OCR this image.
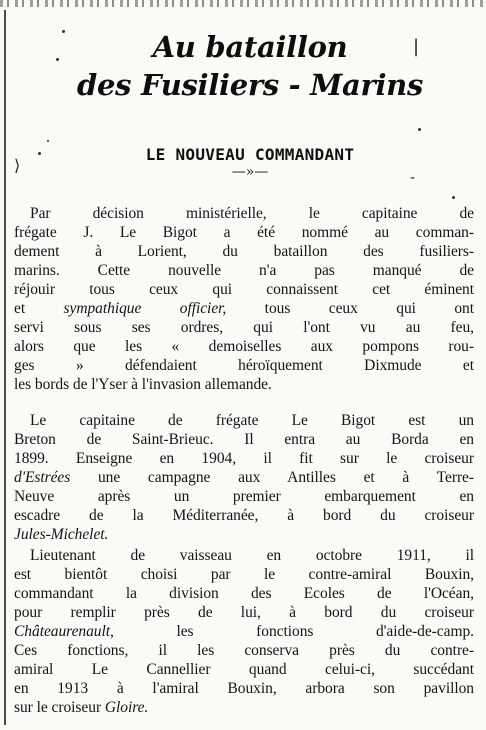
|
⟩
-
Au bataillon
des Fusiliers - Marins
LE NOUVEAU COMMANDANT
—»—
Par décision ministérielle, le capitaine de
frégate J. Le Bigot a été nommé au comman-
dement à Lorient, du bataillon des fusiliers-
marins. Cette nouvelle n'a pas manqué de
réjouir tous ceux qui connaissent cet éminent
et sympathique officier, tous ceux qui ont
servi sous ses ordres, qui l'ont vu au feu,
alors que les « demoiselles aux pompons rou-
ges » défendaient héroïquement Dixmude et
les bords de l'Yser à l'invasion allemande.
Le capitaine de frégate Le Bigot est un
Breton de Saint-Brieuc. Il entra au Borda en
1899. Enseigne en 1904, il fit sur le croiseur
d'Estrées une campagne aux Antilles et à Terre-
Neuve après un premier embarquement en
escadre de la Méditerranée, à bord du croiseur
Jules-Michelet.
Lieutenant de vaisseau en octobre 1911, il
est bientôt choisi par le contre-amiral Bouxin,
commandant la division des Ecoles de l'Océan,
pour remplir près de lui, à bord du croiseur
Châteaurenault, les fonctions d'aide-de-camp.
Ces fonctions, il les conserva près du contre-
amiral Le Cannellier quand celui-ci, succédant
en 1913 à l'amiral Bouxin, arbora son pavillon
sur le croiseur Gloire.
